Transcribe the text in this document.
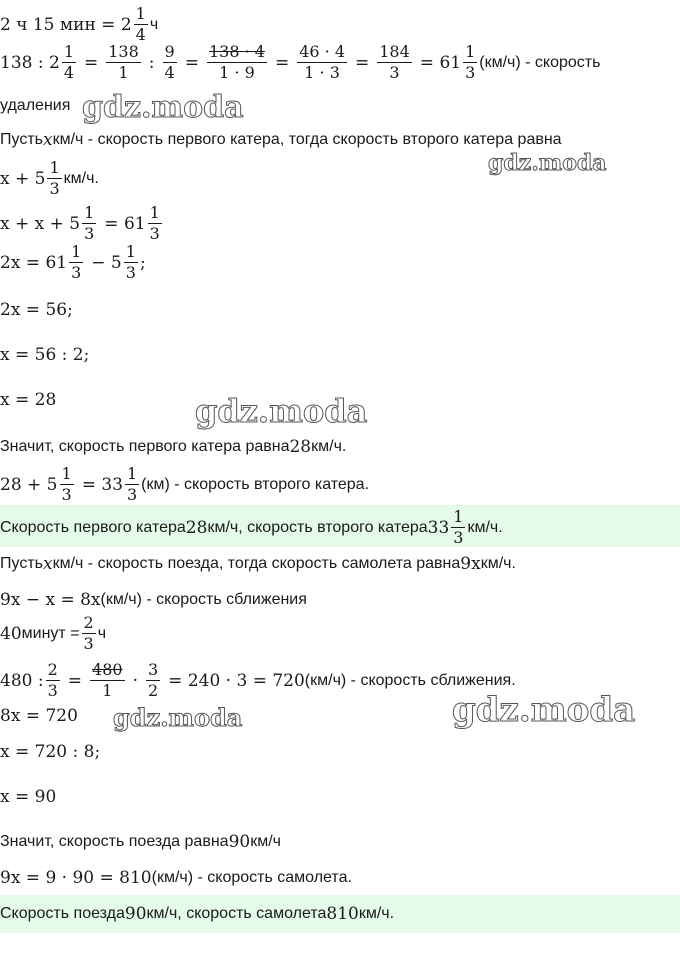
2 ч 15 мин = $2 \frac{1}{4}$ ч
138 : $2 \frac{1}{4} = \frac{138}{1}$ : $\frac{9}{4} = \frac{138 \cdot 4}{1 \cdot 9} = \frac{46 \cdot 4}{1 \cdot 3} = \frac{184}{3} = 61 \frac{1}{3} (км/ч)$ - скорость
удаления
Пусть x км/ч - скорость первого катера, тогда скорость второго катера равна
$x + 5 \frac{1}{3} км/ч$.
$x + x + 5 \frac{1}{3} = 61 \frac{1}{3}$
$2x = 61 \frac{1}{3} - 5 \frac{1}{3}$ ;
2x = 56;
x = 56 : 2;
x = 28
Значит, скорость первого катера равна 28 км/ч.
$28 + 5 \frac{1}{3} = 33 \frac{1}{3} (км)$ - скорость второго катера.
Скорость первого катера 28 км/ч, скорость второго катера $33 \frac{1}{3} км/ч$.
Пусть x км/ч - скорость поезда, тогда скорость самолета равна 9x км/ч.
9x − x = 8x (км/ч) - скорость сближения
40 минут = $\frac{2}{3}$ ч
480 : $\frac{2}{3} = \frac{480}{1} \cdot \frac{3}{2} = 240 \cdot 3 = 720$ (км/ч) - скорость сближения.
8x = 720
x = 720 : 8;
x = 90
Значит, скорость поезда равна 90 км/ч
9x = 9 · 90 = 810 (км/ч) - скорость самолета.
Скорость поезда 90 км/ч, скорость самолета 810 км/ч.
gdz.moda
gdz.moda
gdz.moda
gdz.moda	gdz.moda
